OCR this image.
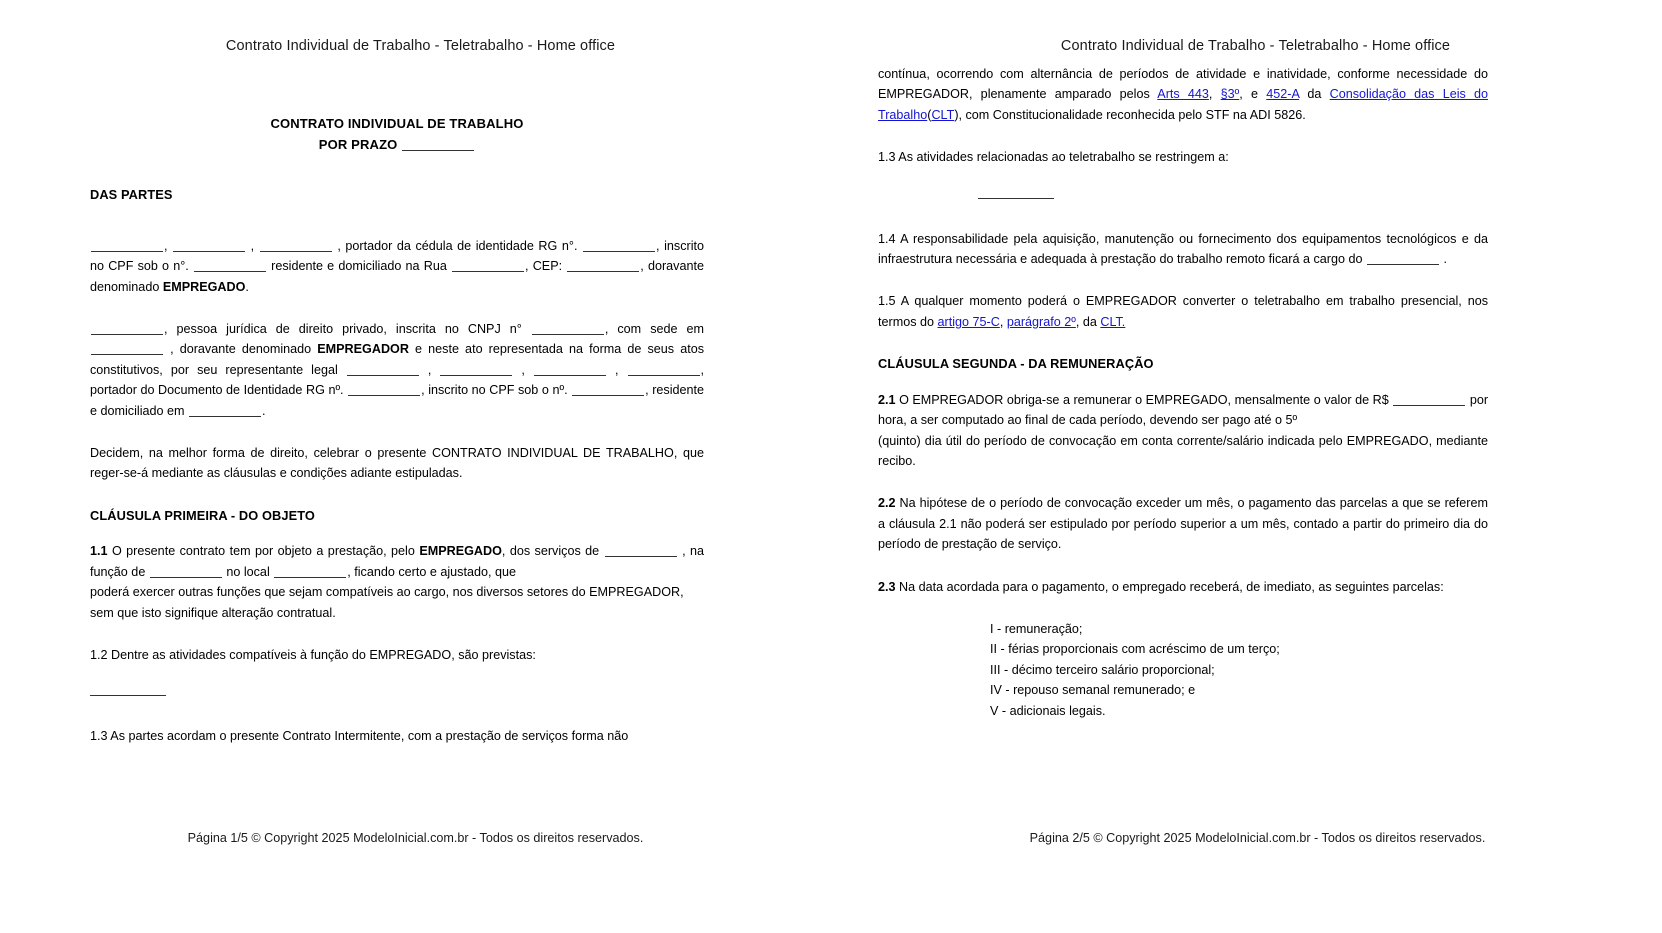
Contrato Individual de Trabalho - Teletrabalho - Home office
CONTRATO INDIVIDUAL DE TRABALHO
POR PRAZO
DAS PARTES

,	,	, portador da cédula de identidade RG n°.	, inscrito no CPF sob o n°.	residente e domiciliado na Rua	, CEP:	, doravante denominado EMPREGADO.

, pessoa jurídica de direito privado, inscrita no CNPJ n°	, com sede em  , doravante denominado EMPREGADOR e neste ato representada na forma de seus atos constitutivos, por seu representante legal	,	,	,	, portador do Documento de Identidade RG nº.	, inscrito no CPF sob o nº.	, residente e domiciliado em	.

Decidem, na melhor forma de direito, celebrar o presente CONTRATO INDIVIDUAL DE TRABALHO, que reger-se-á mediante as cláusulas e condições adiante estipuladas.

CLÁUSULA PRIMEIRA - DO OBJETO

1.1 O presente contrato tem por objeto a prestação, pelo EMPREGADO, dos serviços de	, na função de	no local	, ficando certo e ajustado, que

poderá exercer outras funções que sejam compatíveis ao cargo, nos diversos setores do EMPREGADOR, sem que isto signifique alteração contratual.

1.2 Dentre as atividades compatíveis à função do EMPREGADO, são previstas:

1.3 As partes acordam o presente Contrato Intermitente, com a prestação de serviços forma não

Página 1/5 © Copyright 2025 ModeloInicial.com.br - Todos os direitos reservados.
Contrato Individual de Trabalho - Teletrabalho - Home office

contínua, ocorrendo com alternância de períodos de atividade e inatividade, conforme necessidade do EMPREGADOR, plenamente amparado pelos Arts 443, §3º, e 452-A da Consolidação das Leis do Trabalho(CLT), com Constitucionalidade reconhecida pelo STF na ADI 5826.

1.3 As atividades relacionadas ao teletrabalho se restringem a:

1.4 A responsabilidade pela aquisição, manutenção ou fornecimento dos equipamentos tecnológicos e da infraestrutura necessária e adequada à prestação do trabalho remoto ficará a cargo do	.

1.5 A qualquer momento poderá o EMPREGADOR converter o teletrabalho em trabalho presencial, nos termos do artigo 75-C, parágrafo 2º, da CLT.

CLÁUSULA SEGUNDA - DA REMUNERAÇÃO

2.1 O EMPREGADOR obriga-se a remunerar o EMPREGADO, mensalmente o valor de R$	por hora, a ser computado ao final de cada período, devendo ser pago até o 5º

(quinto) dia útil do período de convocação em conta corrente/salário indicada pelo EMPREGADO, mediante recibo.

2.2 Na hipótese de o período de convocação exceder um mês, o pagamento das parcelas a que se referem a cláusula 2.1 não poderá ser estipulado por período superior a um mês, contado a partir do primeiro dia do período de prestação de serviço.

2.3 Na data acordada para o pagamento, o empregado receberá, de imediato, as seguintes parcelas:

I - remuneração;
II - férias proporcionais com acréscimo de um terço;
III - décimo terceiro salário proporcional;
IV - repouso semanal remunerado; e
V - adicionais legais.
Página 2/5 © Copyright 2025 ModeloInicial.com.br - Todos os direitos reservados.
